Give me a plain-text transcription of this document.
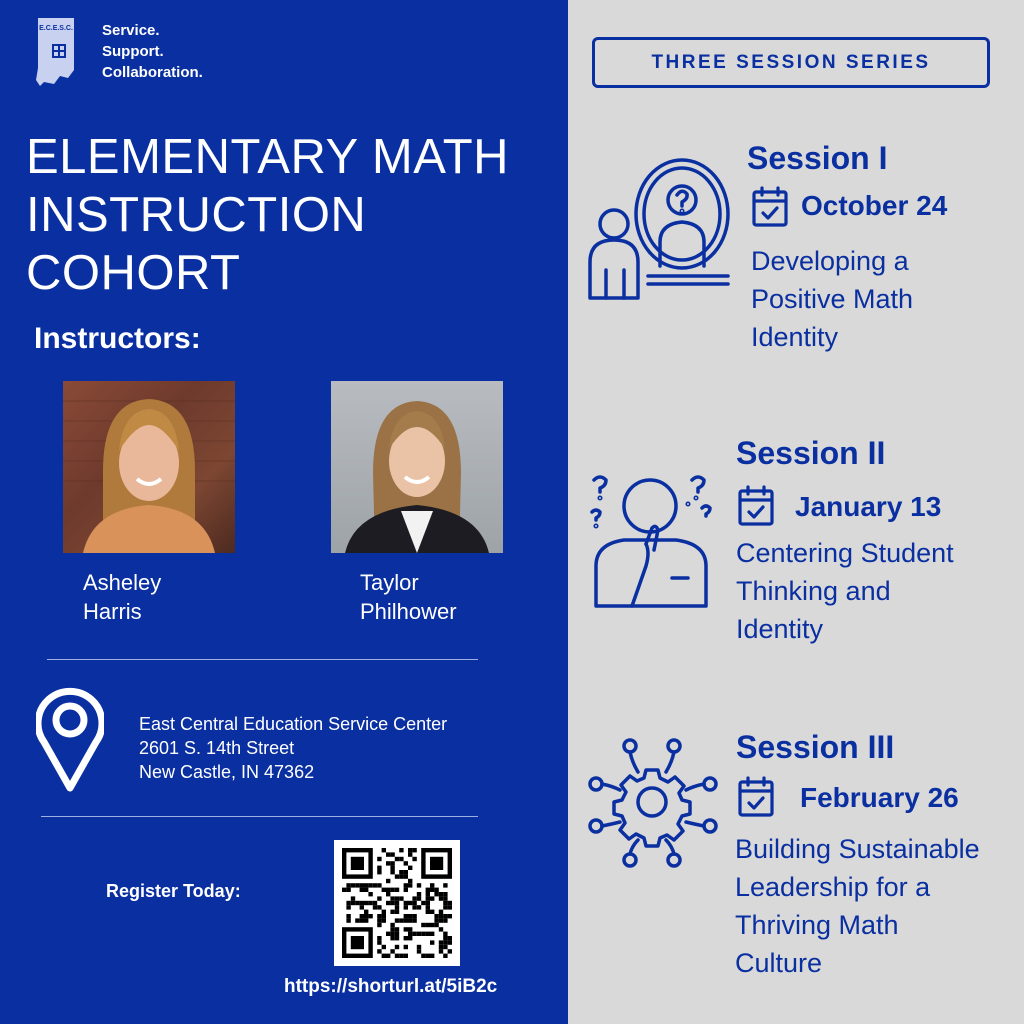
E.C.E.S.C. Service.
Support.
Collaboration.
ELEMENTARY MATH
INSTRUCTION
COHORT
Instructors:
Asheley
Harris
Taylor
Philhower
East Central Education Service Center
2601 S. 14th Street
New Castle, IN 47362
Register Today:
https://shorturl.at/5iB2c
THREE SESSION SERIES
Session I
October 24
Developing a
Positive Math
Identity
Session II
January 13
Centering Student
Thinking and
Identity
Session III
February 26
Building Sustainable
Leadership for a
Thriving Math
Culture
